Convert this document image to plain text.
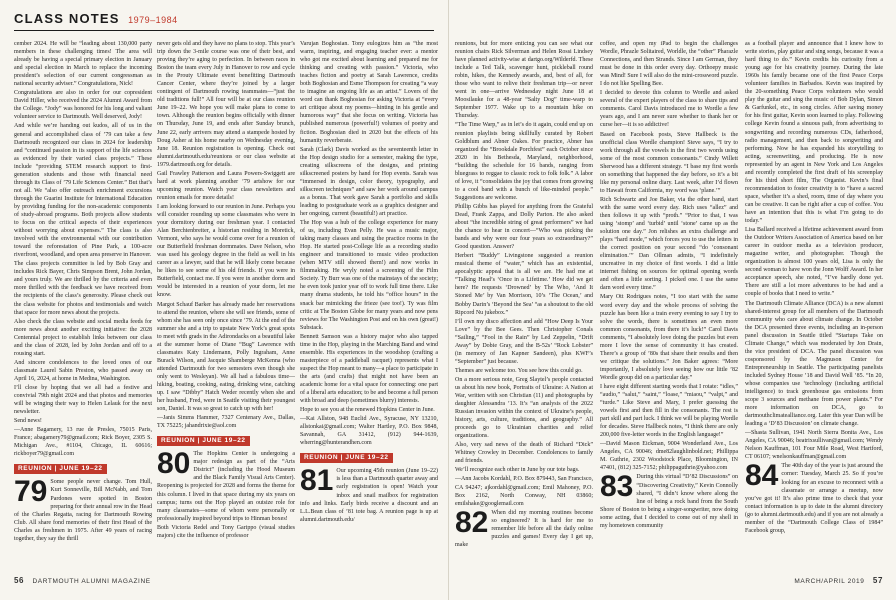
CLASS NOTES 1979–1984

cember 2024. He will be “leading about 130,000 party members in these challenging times! The area will already be having a special primary election in January and special election in March to replace the incoming president’s selection of our current congressman as national security adviser.” Congratulations, Nick!

Congratulations are also in order for our copresident David Hiller, who received the 2024 Alumni Award from the College. “Jody” was honored for his long and valiant volunteer service to Dartmouth. Well deserved, Jody!

And while we’re handing out kudos, all of us in the general and accomplished class of ’79 can take a few Dartmouth recognized our class in 2024 for leadership and “continued passion in its support of the life sciences as evidenced by their varied class projects.” These include “providing STEM research support to first-generation students and those with financial need through its Class of ’79 Life Sciences Center.” But that’s not all. We “also offer outreach enrichment excursions through the Guarini Institute for International Education by providing funding for the non-academic components of study-abroad programs. Both projects allow students to focus on the critical aspects of their experiences without worrying about expenses.” The class is also involved with the environmental with our contribution toward the reforestation of Pine Park, a 100-acre riverfront, woodland, and open area preserve in Hanover.

The class projects committee is led by Bob Gray and includes Rick Bayer, Chris Simpson Brent, John Jordan, and yours truly. We are thrilled by the criteria and even more thrilled with the feedback we have received from the recipients of the class’s generosity. Please check out the class website for photos and testimonials and watch that space for more news about the projects.

Also check the class website and social media feeds for more news about another exciting initiative: the 2028 Centennial project to establish links between our class and the class of 2028, led by John Jordan and off to a rousing start.

And sincere condolences to the loved ones of our classmate Laurel Sabin Preston, who passed away on April 16, 2024, at home in Medina, Washington.

I’ll close by hoping that we all had a festive and convivial 79th night 2024 and that photos and memories will be winging their way to Helen Lelauk for the next newsletter.

Send news!

—Anne Bagamery, 13 rue de Presles, 75015 Paris, France; abagamery79@gmail.com; Rick Boyer, 2305 S. Michigan Ave., #1104, Chicago, IL 60616; rickboyer79@gmail.com

REUNION | JUNE 19–22

79 Some people never change. Tom Hull, Kurt Sonneville, Bill McNabb, and Tom Pardones were spotted in Boston preparing for their annual row in the Head of the Charles Regatta, racing for Dartmouth Rowing Club. All share fond memories of their first Head of the Charles as freshmen in 1975. After 49 years of racing together, they say the thrill

never gets old and they have no plans to stop. This year’s trip down the 3-mile course was one of their best, and proving they’re aging to perfection. In between races in Boston the team every July in Hanover to row and cycle in the Prouty Ultimate event benefitting Dartmouth Cancer Center, where they’re joined by a larger contingent of Dartmouth rowing teammates—“just the old traditions full!” All four will be at our class reunion June 19–22. We hope you will make plans to come to town. Although the reunion begins officially with dinner on Thursday, June 19, and ends after Sunday brunch, June 22, early arrivers may attend a stampede hosted by Doug Asher at his home nearby on Wednesday evening, June 18. Reunion registration is opening. Check out alumni.dartmouth.edu/reunions or our class website at 1979.dartmouth.org for details.

Gail Frawley Patterson and Laura Powers-Swiggett are hard at work planning another ’79 artshow for our upcoming reunion. Watch your class newsletters and reunion emails for more details!

I am looking forward to our reunion in June. Perhaps you will consider rounding up some classmates who were in your dormitory during our freshman year. I contacted Alan Berchtenbreiter, a historian residing in Moretick, Vermont, who says he would come over for a reunion of our Butterfield freshman dormmates. Dave Nelson, who was used his geology degree in the field as well in his career as a lawyer, said that he will likely come because he likes to see some of his old friends. If you were in Butterfield, contact me. If you were in another dorm and would be interested in a reunion of your dorm, let me know.

Margot Schauf Barker has already made her reservations to attend the reunion, where she will see friends, some of whom she has seen only once since ’79. At the end of the summer she and a trip to upstate New York’s great spots to meet with grads in the Adirondacks on a beautiful lake at the summer home of Diane “Bug” Lawrence with classmates Katy Lindemann, Polly Ingraham, Anne Burack Wilson, and Jacquie Shamberge McKenna (who attended Dartmouth for two semesters even though she only went to Wesleyan). We all had a fabulous time—hiking, boating, cooking, eating, drinking wine, catching up. I saw “Dibby” Hatch Weder recently when she and her husband, Fred, were in Seattle visiting their youngest son, Daniel. It was so great to catch up with her!

—Janis Simms Hammer, 7327 Centenary Ave., Dallas, TX 75225; jahandrixie@aol.com

REUNION | JUNE 19–22

80 The Hopkins Center is undergoing a major redesign as part of the “Arts District” (including the Hood Museum and the Black Family Visual Arts Center). Reopening is projected for 2028 and forms the theme for this column. I lived in that space during my six years on campus; turns out the Hop played an outsize role for many classmates—some of whom were personally or professionally inspired beyond trips to Hinman boxes!

Both Victoria Redel and Tony Garippo (visual studies majors) cite the influence of professor

Varujan Boghosian. Tony eulogizes him as “the most warm, inspiring, and engaging teacher ever: a mentor who got me excited about learning and prepared me for thinking and creating with passion.” Victoria, who teaches fiction and poetry at Sarah Lawrence, credits both Boghosian and Esme Thompson for creating “a way to imagine an ongoing life as an artist.” Lovers of the word can thank Boghosian for asking Victoria at “every art critique about my poems—hinting in his gentle and humorous way” that she focus on writing. Victoria has published numerous (powerful!) volumes of poetry and fiction. Boghosian died in 2020 but the effects of his humanity reverberate.

Sarah (Clark) Davis worked as the seventeenth letter in the Hop design studio for a semester, making the type, creating silkscreens of the designs, and printing silkscreened posters by hand for Hop events. Sarah was “immersed in design, color theory, typography, and silkscreen techniques” and saw her work around campus as a bonus. That work gave Sarah a portfolio and skills leading to postgraduate work as a graphics designer and her ongoing, current (beautiful!) art practice.

The Hop was a hub of the college experience for many of us, including Evan Pelly. He was a music major, taking many classes and using the practice rooms in the Hop. He started post-College life as a recording studio engineer and transitioned to music video production (when MTV still showed them!) and now works in filmmaking. He wryly noted a screening of the Film Society. Ty Burr was one of the mainstays of the society; he even took junior year off to work full time there. Like many drama students, he told his “office hours” in the snack bar mimicking the frieze (see too!). Ty was film critic at The Boston Globe for many years and now pens reviews for The Washington Post and on his own (great!) Substack.

Bennett Samson was a history major who also tapped time in the Hop, playing in the Marching Band and wind ensemble. His experiences in the woodshop (crafting a masterpiece of a paddleball racquet) represents what I suspect the Hop meant to many—a place to participate in the arts (and crafts) that might not have been an academic home for a vital space for connecting: one part of a liberal arts education; to be and become a full person with broad and deep (sometimes blurry) interests.

Hope to see you at the renewed Hopkins Center in June.

—Kai Allston, 948 Euclid Ave., Syracuse, NY 13210, allstonkai@gmail.com; Walter Hartley, P.O. Box 9848, Savannah, GA 31412, (912) 944-1639, wherring@hunterandhen.com

REUNION | JUNE 19–22

81 Our upcoming 45th reunion (June 19–22) is less than a Dartmouth quarter away and early registration is open! Watch your inbox and snail mailbox for registration info and links. Early birds receive a discount and an L.L.Bean class of ’81 tote bag. A reunion page is up at alumni.dartmouth.edu/

56 DARTMOUTH ALUMNI MAGAZINE

reunions, but for more enticing you can see what our reunion chairs Rick Silverman and Helen Rossi Lindsey have planned activity-wise at dartgo.org/Wilderfd. These include a Ted Talk, scavenger hunt, pickleball round robin, hikes, the Kennedy awards, and, best of all, for those who want to relive their freshman trip—or never went in one—arrive Wednesday night June 18 at Moosilauke for a 48-year “Salty Dog” time-warp to September 1977. Wake up to a mountain hike on Thursday.

“The Time Warp,” as in let’s do it again, could end up on reunion playlists being skillfully curated by Robert Goldblum and Abner Oakes. For practice, Abner has organized the “Brookdale Porchfest” each October since 2020 in his Bethesda, Maryland, neighborhood, “building the schedule for 16 bands, ranging from bluegrass to reggae to classic rock to folk folk.” A labor of love, it “consolidates the joy that comes from growing to a cool band with a bunch of like-minded people.” Suggestions are welcome.

Phillip Gibbs has played for anything from the Grateful Dead, Frank Zappa, and Dolly Parton. He also asked about “the incredible string of great performers” we had the chance to hear in concert—“Who was picking the bands and why were our four years so extraordinary?” Good question. Answer?

Herbert “Buddy” Livingstone suggested a reunion musical theme of “water,” which has an existential, apocalyptic appeal that is all we are. He had me at “Talking Head’s ‘Once in a Lifetime.’ How did we get here? He requests ‘Drowned’ by The Who, ‘And It Stoned Me’ by Van Morrison, 10’s ‘The Ocean,’ and Bobby Darin’s ‘Beyond the Sea’ “as a shoutout to the old Ripcord Nu jukebox.”

I’ll own my disco affection and add “How Deep Is Your Love” by the Bee Gees. Then Christopher Conals “Sailing,” “Fool in the Rain” by Led Zeppelin, “Drift Away” by Dobie Gray, and the B-52s’ “Rock Lobster” (in memory of Jan Kapner Sandeen), plus KWF’s “September” just because.

Themes are welcome too. You see how this could go.

On a more serious note, Greg Slaytel’s people contacted us about his new book, Portraits of Ukraine: A Nation at War, written with son Christian (11) and photographs by daughter Alessandra ’13. It’s “an analysis of the 2022 Russian invasion within the context of Ukraine’s people, history, arts, culture, traditions, and geography.” All proceeds go to Ukrainian charities and relief organizations.

Also, very sad news of the death of Richard “Dick” Whitney Crowley in December. Condolences to family and friends.

We’ll recognize each other in June by our tote bags.

—Ann Jacobs Kordahl, P.O. Box 879443, San Francisco, CA 94247; ajkordahl@gmail.com; Emil Mahoney, P.O. Box 2162, North Conway, NH 03860; emilshake@googlemail.com

82 When did my morning routines become so engineered? It is hard for me to remember life before all the daily online puzzles and games! Every day I get up, make

coffee, and open my iPad to begin the challenges Wordle, Phrazle Solitaired, Worldle, the “other” Pharazle Connections, and then Strands. Since I am German, they must be done in this order every day. Orthoepy music was Mind! Sure I will also do the mini-crossword puzzle. I do not like Spelling Bee.

I decided to devote this column to Wordle and asked several of the expert players of the class to share tips and comments. Carol Davis introduced me to Wordle a few years ago, and I am never sure whether to thank her or curse her—it is so addictive!

Based on Facebook posts, Steve Hallbeck is the unofficial class Wordle champion! Steve says, “I try to work through all the vowels in the first two words using some of the most common consonants.” Cindy Willett Sherwood has a different strategy. “I base my first words on something that happened the day before, so it’s a bit like my personal online diary. Last week, after I’d flown to Hawaii from California, my word was ‘plane.’”

Rich Schwartz and Joe Baker, via the other band, start with the same word every day. Rich uses “allez” and then follows it up with “proth.” “Prior to that, I was using ‘stomp’ and ‘turbid’ until ‘stone’ came up as the solution one day.” Jon relishes an extra challenge and plays “hard mode,” which forces you to use the letters in the correct position on your second “do ‘consonant elimination.’” Dan Ollman admits, “I indefinitely uncreative in my choice of first words. I did a little internet fishing on sources for optimal opening words and often a little sorting. I picked one. I use the same darn word every time.”

Mary Ott Rodrigues notes, “I too start with the same word every day and the whole process of solving the puzzle has been like a train every evening to say I try to solve the words, there is sometimes an even more common consonants, from there it’s luck!” Carol Davis comments, “I absolutely love doing the puzzles but even more I love the sense of community it has created. There’s a group of ’80s that share their results and then we critique the solutions.” Jon Baker agrees: “More importantly, I absolutely love seeing how our little ’82 Wordle group did on a particular day.”

I have eight different starting words that I rotate: “idles,” “audio,” “salut,” “saint,” “loase,” “miaou,” “valpt,” and “turde.” Like Steve and Mary, I prefer guessing the vowels first and then fill in the consonants. The rest is part skill and part luck. I think we will be playing Wordle for decades. Steve Hallbeck notes, “I think there are only 200,000 five-letter words in the English language!”

—David Mason Eickman, 9004 Wonderland Ave., Los Angeles, CA 90046; dme82laughlinbold.net; Phillippa M. Guthrie, 2302 Woodstock Place, Bloomington, IN 47401, (812) 325-7152; philippaguthrie@yahoo.com

83 During this virtual “D’82 Discussions” on “Discovering Creativity,” Kevin Connolly shared, “I didn’t know where along the line of being a rock band from the South Shore of Boston to being a singer-songwriter, now doing some acting, that I decided to come out of my shell in my hometown community

as a football player and announce that I knew how to write stories, play guitar and sing songs, because it was a hard thing to do.” Kevin credits his curiosity from a young age for his creativity journey. During the late 1960s his family became one of the first Peace Corps volunteer families in Barbados. Kevin was inspired by the 20-something Peace Corps volunteers who would play the guitar and sing the music of Bob Dylan, Simon & Garfunkel, etc., in song circles. After saving money for his first guitar, Kevin soon learned to play. Following college Kevin found a sinuous path, from advertising to songwriting and recording numerous CDs, fatherhood, radio management, and then back to songwriting and performing. Now he has expanded his storytelling to acting, screenwriting, and producing. He is now represented by an agent in New York and Los Angeles and recently completed the first draft of his screenplay for his third short film, The Organist. Kevin’s final recommendation to foster creativity is to “have a sacred space, whether it’s a shed, room, time of day where you can be creative. It can be right after a cup of coffee. You have an intention that this is what I’m going to do today.”

Lisa Ballard received a lifetime achievement award from the Outdoor Writers Association of America based on her career in outdoor media as a television producer, magazine writer, and photographer. Though the organization is almost 100 years old, Lisa is only the second woman to have won the Jonn Wolff Award. In her acceptance speech, she noted, “I’ve hardly done yet. There are still a lot more adventures to be had and a couple of books that I need to write.”

The Dartmouth Climate Alliance (DCA) is a new alumni shared-interest group for all members of the Dartmouth community who care about climate change. In October the DCA presented three events, including an in-person panel discussion in Seattle titled “Startups Take on Climate Change,” which was moderated by Jon Drain, the vice president of DCA. The panel discussion was cosponsored by the Magnuson Center for Entrepreneurship in Seattle. The participating panelists included Sydney House ’18 and David Well ’85. “In 20, whose companies use ‘technology (including artificial intelligence) to track greenhouse gas emissions from scope 3 sources and methane from power plants.” For more information on DCA, go to dartmouthclimatealliance.org. Later this year Dan will be leading a ‘D’83 Discussion’ on climate change.

—Shasta Sullivan, 1941 North Sierra Bonita Ave., Los Angeles, CA 90046; beatrixsullivan@gmail.com; Wendy Nelson Kauffman, 101 Four Mile Road, West Hartford, CT 06107; wnelsonkauffman@gmail.com

84 The 40th day of the year is just around the corner: Tuesday, March 25. So if you’re looking for an excuse to reconnect with a classmate or arrange a meetup, now you’ve got it! It’s also prime time to check that your contact information is up to date in the alumni directory (go to alumni.dartmouth.edu) and if you are not already a member of the “Dartmouth College Class of 1984” Facebook group,

MARCH/APRIL 2019 57
